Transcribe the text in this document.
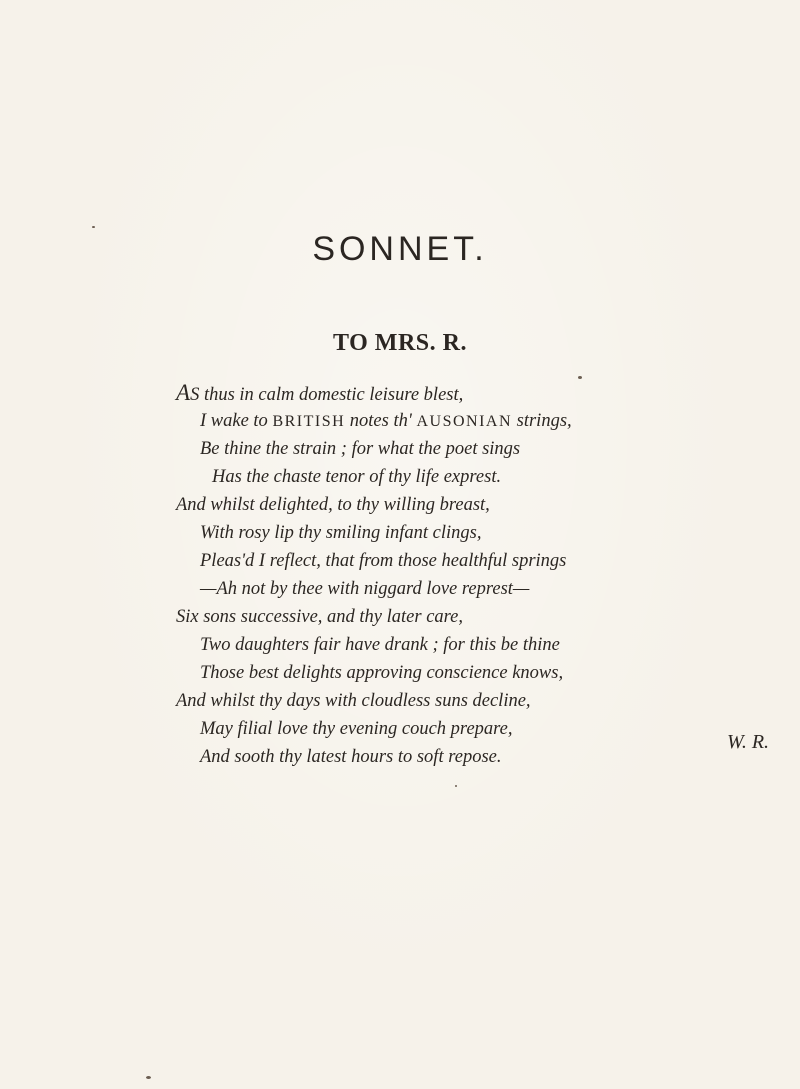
SONNET.
TO MRS. R.
AS thus in calm domestic leisure blest,
I wake to BRITISH notes th' AUSONIAN strings,
Be thine the strain ; for what the poet sings
Has the chaste tenor of thy life exprest.
And whilst delighted, to thy willing breast,
With rosy lip thy smiling infant clings,
Pleas'd I reflect, that from those healthful springs
—Ah not by thee with niggard love represt—
Six sons successive, and thy later care,
Two daughters fair have drank ; for this be thine
Those best delights approving conscience knows,
And whilst thy days with cloudless suns decline,
May filial love thy evening couch prepare,
And sooth thy latest hours to soft repose.
W. R.
